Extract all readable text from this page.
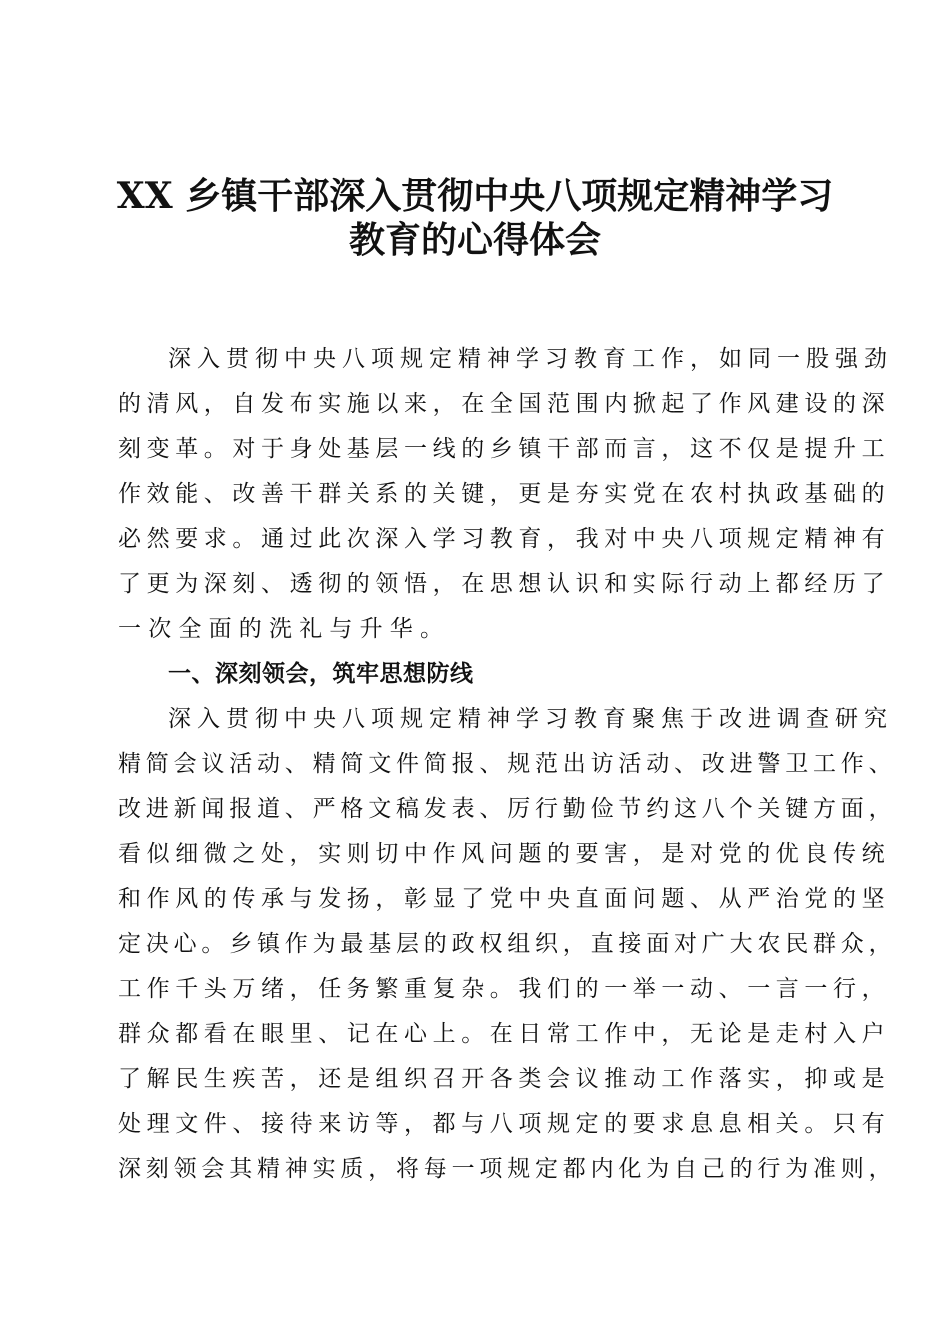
XX 乡镇干部深入贯彻中央八项规定精神学习
教育的心得体会
深入贯彻中央八项规定精神学习教育工作，如同一股强劲
的清风，自发布实施以来，在全国范围内掀起了作风建设的深
刻变革。对于身处基层一线的乡镇干部而言，这不仅是提升工
作效能、改善干群关系的关键，更是夯实党在农村执政基础的
必然要求。通过此次深入学习教育，我对中央八项规定精神有
了更为深刻、透彻的领悟，在思想认识和实际行动上都经历了
一次全面的洗礼与升华。
一、深刻领会，筑牢思想防线
深入贯彻中央八项规定精神学习教育聚焦于改进调查研究
精简会议活动、精简文件简报、规范出访活动、改进警卫工作、
改进新闻报道、严格文稿发表、厉行勤俭节约这八个关键方面，
看似细微之处，实则切中作风问题的要害，是对党的优良传统
和作风的传承与发扬，彰显了党中央直面问题、从严治党的坚
定决心。乡镇作为最基层的政权组织，直接面对广大农民群众，
工作千头万绪，任务繁重复杂。我们的一举一动、一言一行，
群众都看在眼里、记在心上。在日常工作中，无论是走村入户
了解民生疾苦，还是组织召开各类会议推动工作落实，抑或是
处理文件、接待来访等，都与八项规定的要求息息相关。只有
深刻领会其精神实质，将每一项规定都内化为自己的行为准则，
